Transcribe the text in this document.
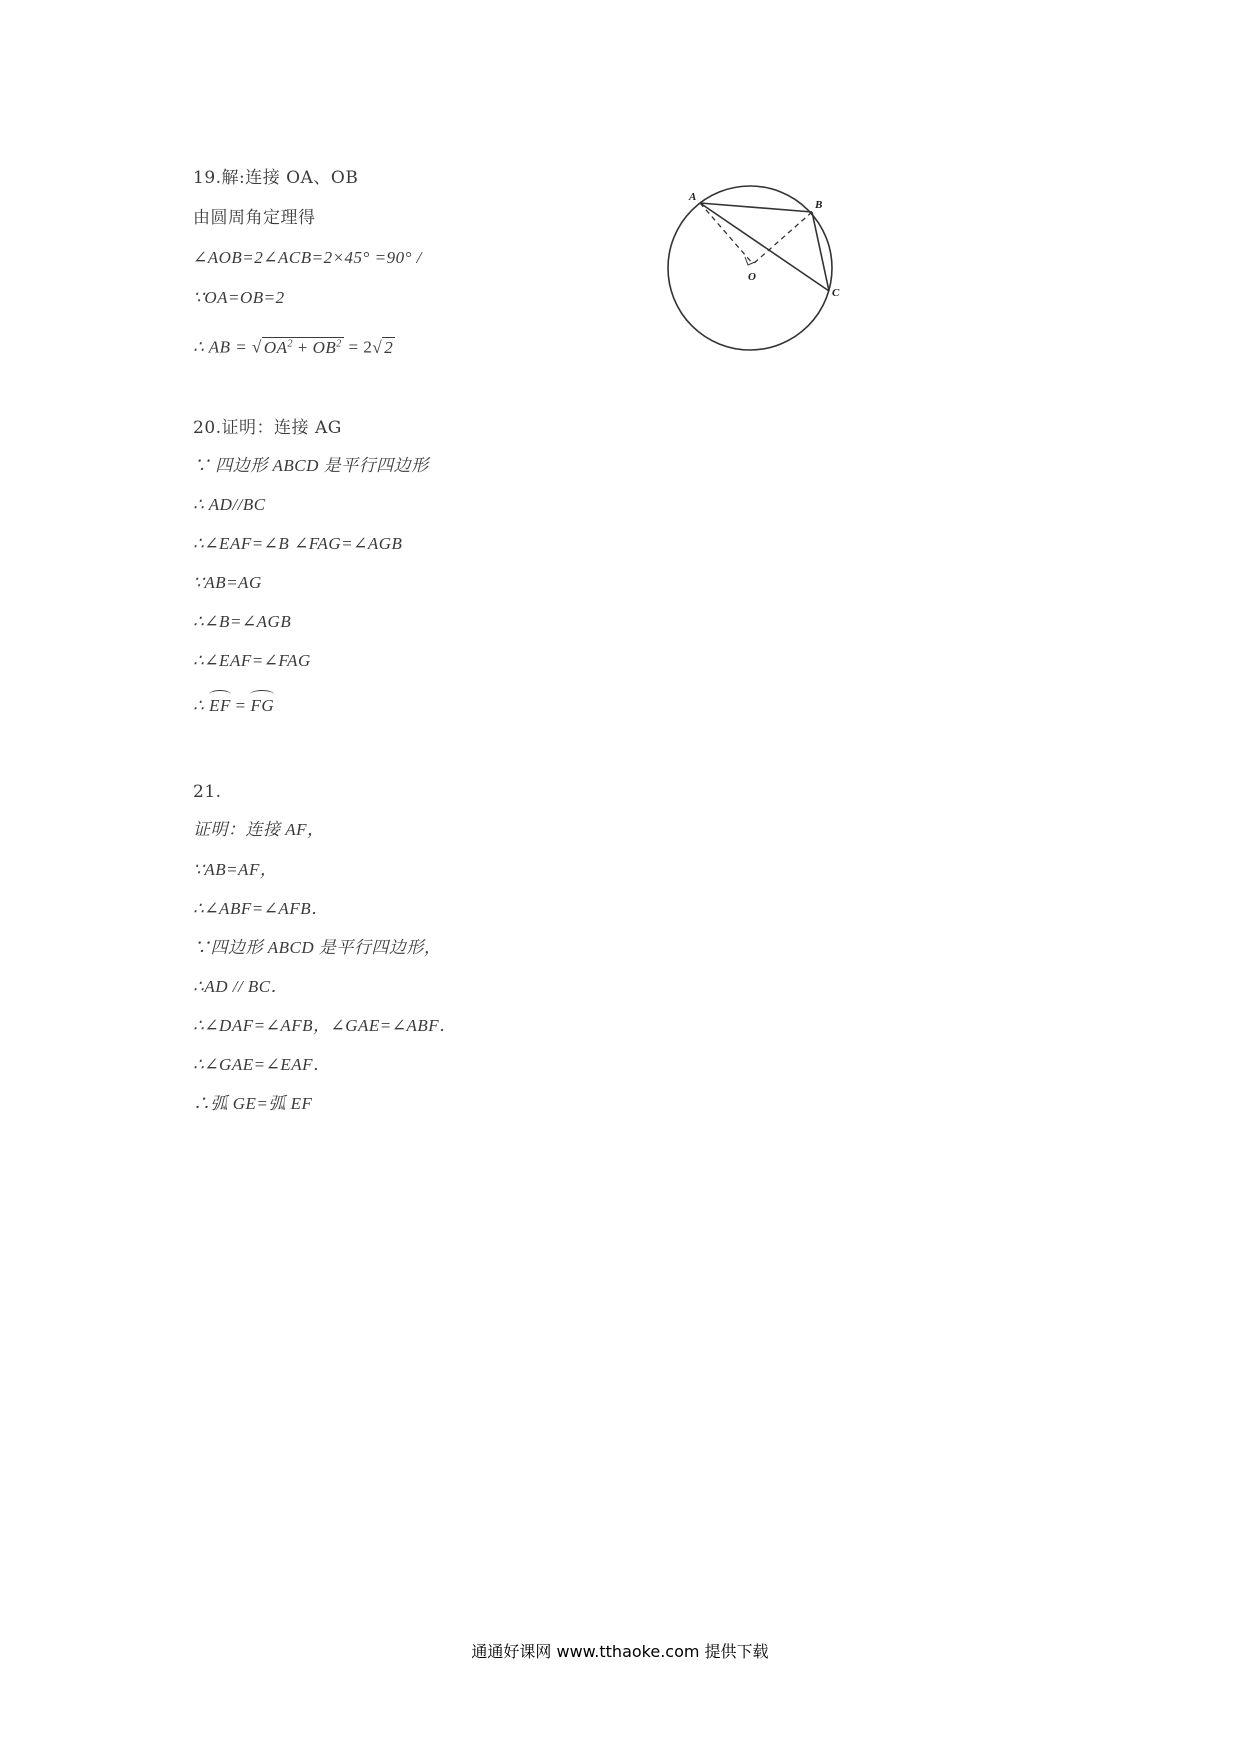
19.解:连接 OA、OB
由圆周角定理得
∠AOB=2∠ACB=2×45° =90° /
∵OA=OB=2
∴ AB = √ $OA^2 + OB^2 = 2√$ 2
A
B
C
O
20.证明：连接 AG
∵ 四边形 ABCD 是平行四边形
∴ AD//BC
∴∠EAF=∠B ∠FAG=∠AGB
∵AB=AG
∴∠B=∠AGB
∴∠EAF=∠FAG
∴ EF = FG
21.
证明：连接 AF，
∵AB=AF，
∴∠ABF=∠AFB．
∵四边形 ABCD 是平行四边形，
∴AD // BC．
∴∠DAF=∠AFB，∠GAE=∠ABF．
∴∠GAE=∠EAF．
∴弧 GE=弧 EF
通通好课网 www.tthaoke.com 提供下载
